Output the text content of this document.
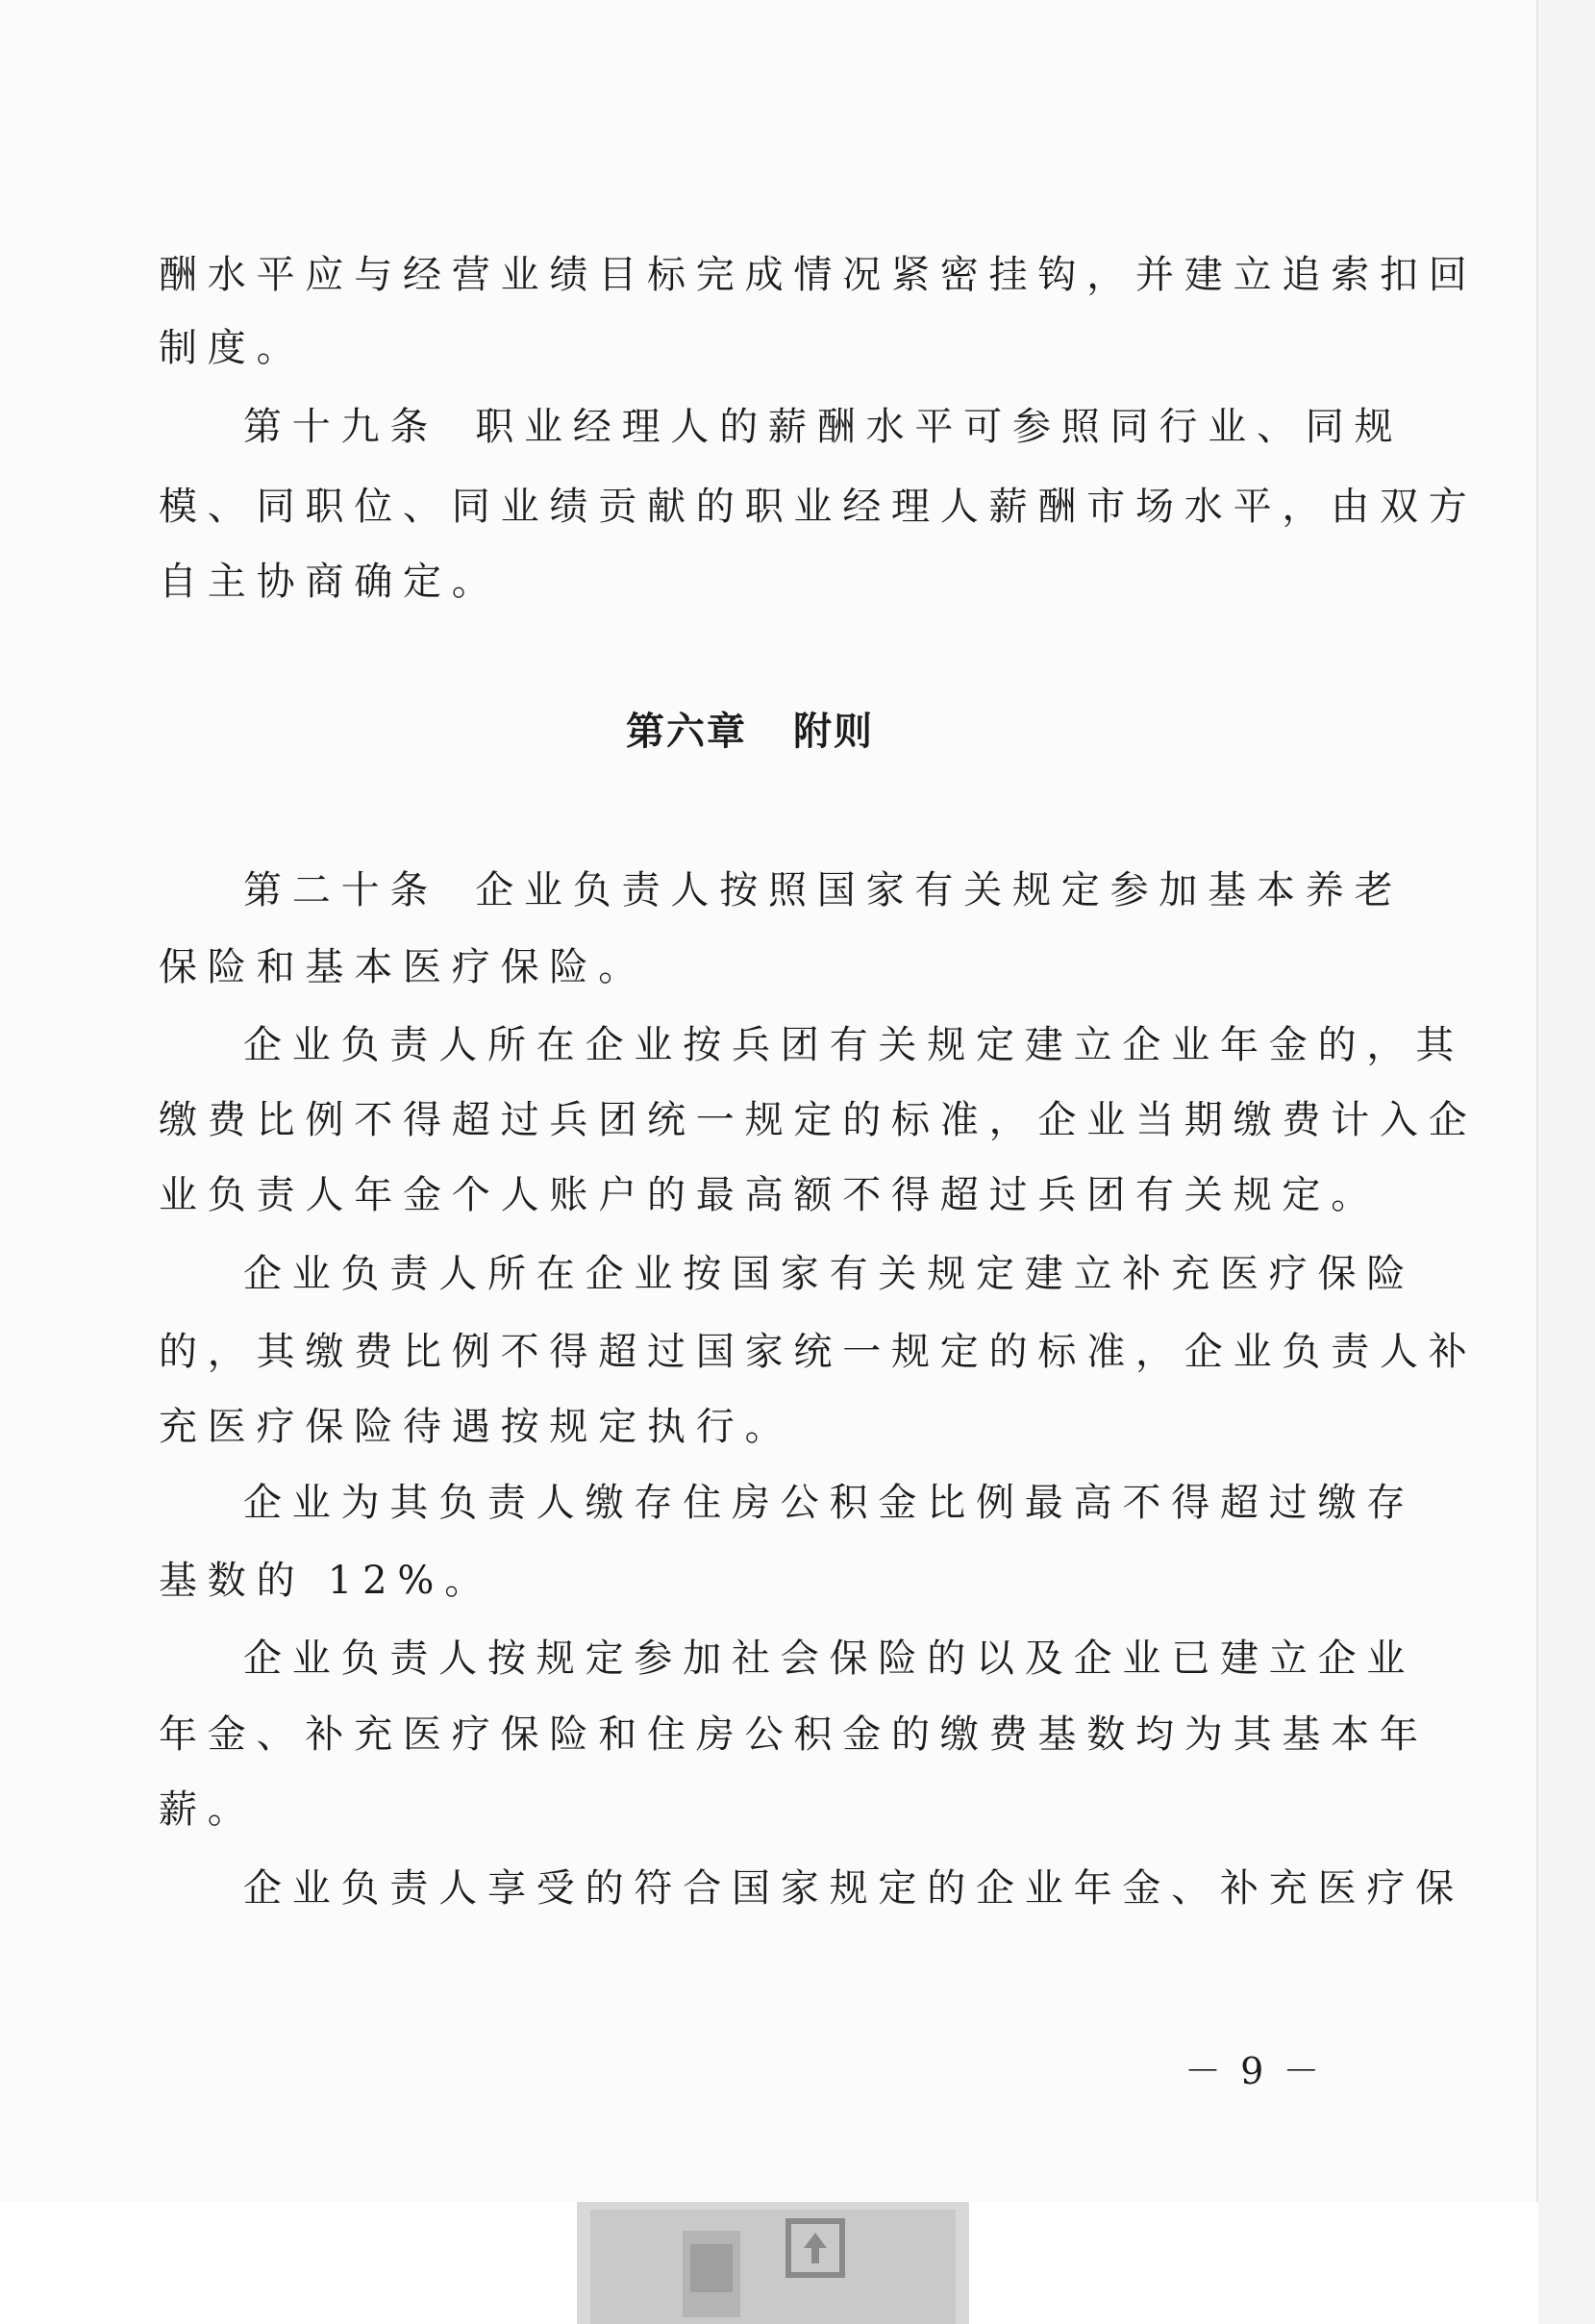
酬水平应与经营业绩目标完成情况紧密挂钩，并建立追索扣回
制度。
第十九条 职业经理人的薪酬水平可参照同行业、同规
模、同职位、同业绩贡献的职业经理人薪酬市场水平，由双方
自主协商确定。
第六章 附则
第二十条 企业负责人按照国家有关规定参加基本养老
保险和基本医疗保险。
企业负责人所在企业按兵团有关规定建立企业年金的，其
缴费比例不得超过兵团统一规定的标准，企业当期缴费计入企
业负责人年金个人账户的最高额不得超过兵团有关规定。
企业负责人所在企业按国家有关规定建立补充医疗保险
的，其缴费比例不得超过国家统一规定的标准，企业负责人补
充医疗保险待遇按规定执行。
企业为其负责人缴存住房公积金比例最高不得超过缴存
基数的 12%。
企业负责人按规定参加社会保险的以及企业已建立企业
年金、补充医疗保险和住房公积金的缴费基数均为其基本年
薪。
企业负责人享受的符合国家规定的企业年金、补充医疗保
－ 9 －
